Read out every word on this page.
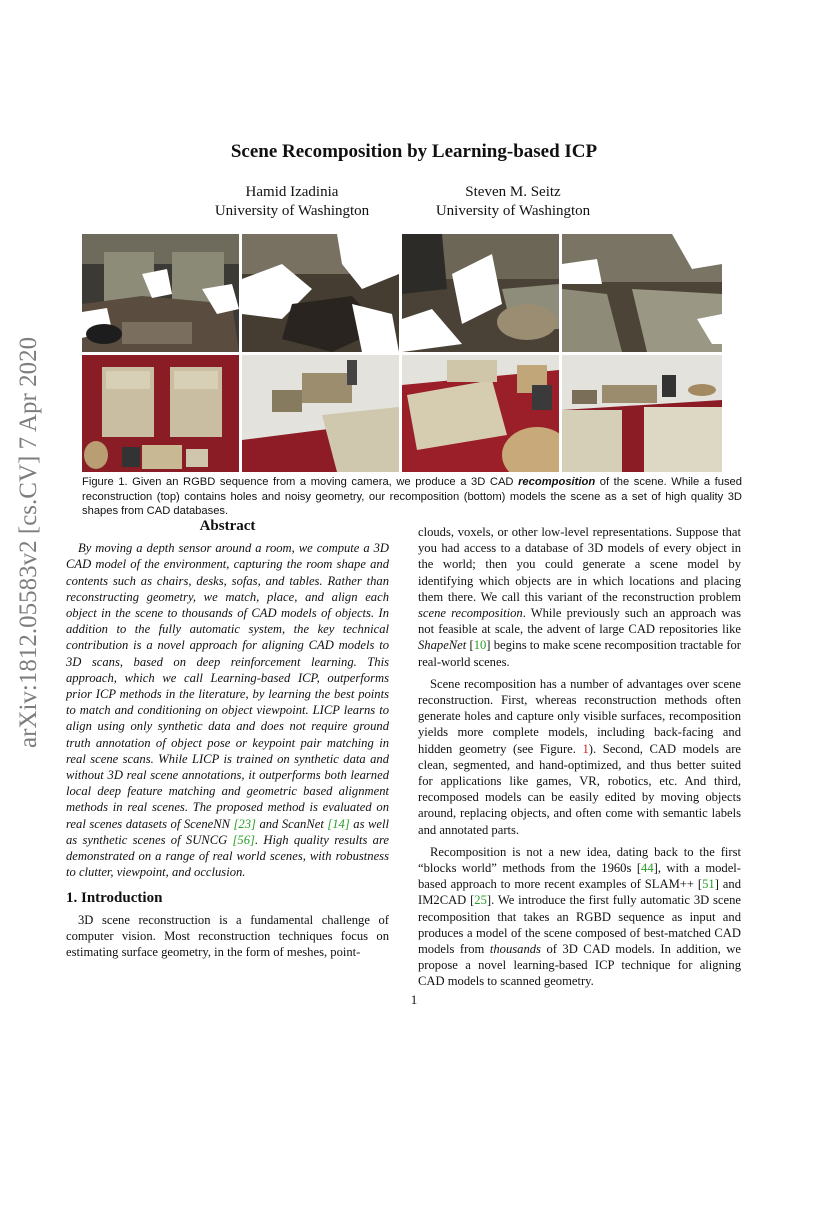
arXiv:1812.05583v2 [cs.CV] 7 Apr 2020
Scene Recomposition by Learning-based ICP
Hamid Izadinia
University of Washington
Steven M. Seitz
University of Washington
Figure 1. Given an RGBD sequence from a moving camera, we produce a 3D CAD recomposition of the scene. While a fused reconstruction (top) contains holes and noisy geometry, our recomposition (bottom) models the scene as a set of high quality 3D shapes from CAD databases.
Abstract

By moving a depth sensor around a room, we compute a 3D CAD model of the environment, capturing the room shape and contents such as chairs, desks, sofas, and tables. Rather than reconstructing geometry, we match, place, and align each object in the scene to thousands of CAD models of objects. In addition to the fully automatic system, the key technical contribution is a novel approach for aligning CAD models to 3D scans, based on deep reinforcement learning. This approach, which we call Learning-based ICP, outperforms prior ICP methods in the literature, by learning the best points to match and conditioning on object viewpoint. LICP learns to align using only synthetic data and does not require ground truth annotation of object pose or keypoint pair matching in real scene scans. While LICP is trained on synthetic data and without 3D real scene annotations, it outperforms both learned local deep feature matching and geometric based alignment methods in real scenes. The proposed method is evaluated on real scenes datasets of SceneNN [23] and ScanNet [14] as well as synthetic scenes of SUNCG [56]. High quality results are demonstrated on a range of real world scenes, with robustness to clutter, viewpoint, and occlusion.

1. Introduction

3D scene reconstruction is a fundamental challenge of computer vision. Most reconstruction techniques focus on estimating surface geometry, in the form of meshes, point-

clouds, voxels, or other low-level representations. Suppose that you had access to a database of 3D models of every object in the world; then you could generate a scene model by identifying which objects are in which locations and placing them there. We call this variant of the reconstruction problem scene recomposition. While previously such an approach was not feasible at scale, the advent of large CAD repositories like ShapeNet [10] begins to make scene recomposition tractable for real-world scenes.

Scene recomposition has a number of advantages over scene reconstruction. First, whereas reconstruction methods often generate holes and capture only visible surfaces, recomposition yields more complete models, including back-facing and hidden geometry (see Figure. 1). Second, CAD models are clean, segmented, and hand-optimized, and thus better suited for applications like games, VR, robotics, etc. And third, recomposed models can be easily edited by moving objects around, replacing objects, and often come with semantic labels and annotated parts.

Recomposition is not a new idea, dating back to the first “blocks world” methods from the 1960s [44], with a model-based approach to more recent examples of SLAM++ [51] and IM2CAD [25]. We introduce the first fully automatic 3D scene recomposition that takes an RGBD sequence as input and produces a model of the scene composed of best-matched CAD models from thousands of 3D CAD models. In addition, we propose a novel learning-based ICP technique for aligning CAD models to scanned geometry.

1
